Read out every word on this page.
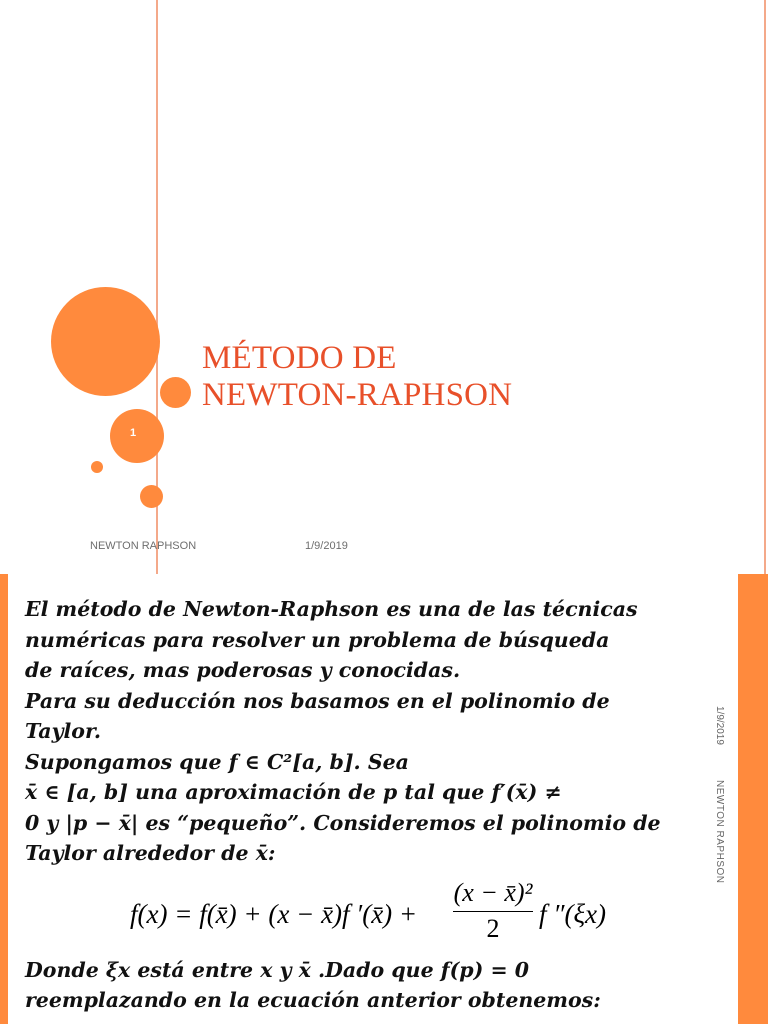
1
MÉTODO DE
NEWTON-RAPHSON
NEWTON RAPHSON	1/9/2019
1/9/2019
NEWTON RAPHSON

El método de Newton-Raphson es una de las técnicas

numéricas para resolver un problema de búsqueda

de raíces, mas poderosas y conocidas.

Para su deducción nos basamos en el polinomio de

Taylor.

Supongamos que f ∈ C²[a, b]. Sea

x̄ ∈ [a, b] una aproximación de p tal que f′(x̄) ≠

0 y |p − x̄| es “pequeño”. Consideremos el polinomio de

Taylor alrededor de x̄:

f(x) = f(x̄) + (x − x̄)f ′(x̄) + $\frac{\text{(x − x̄)²}}{2}$ f ″(ξx)

Donde ξx está entre x y x̄ .Dado que f(p) = 0

reemplazando en la ecuación anterior obtenemos:
